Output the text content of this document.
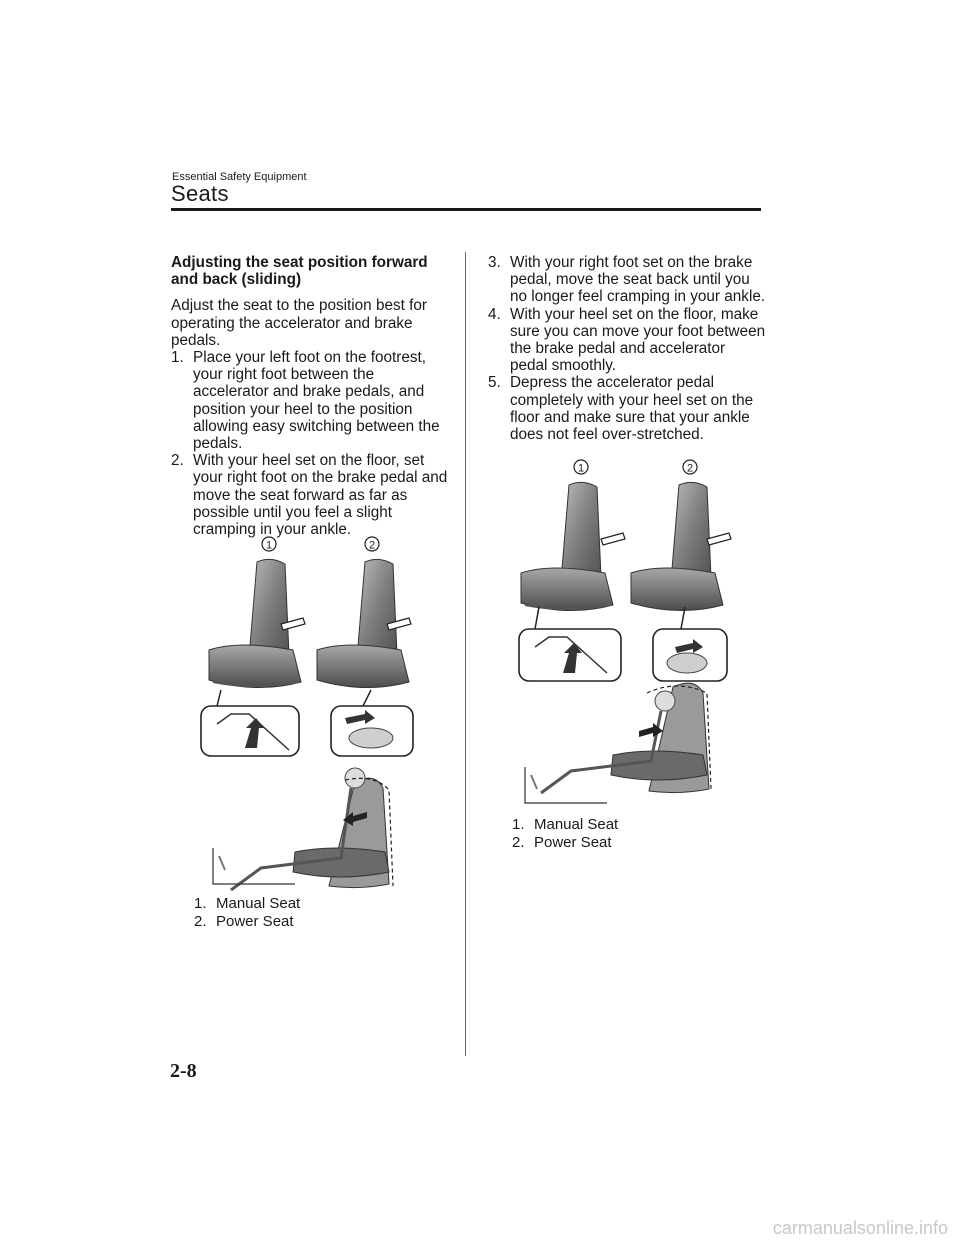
Essential Safety Equipment
Seats

Adjusting the seat position forward and back (sliding)

Adjust the seat to the position best for operating the accelerator and brake pedals.

1. Place your left foot on the footrest, your right foot between the accelerator and brake pedals, and position your heel to the position allowing easy switching between the pedals.
2. With your heel set on the floor, set your right foot on the brake pedal and move the seat forward as far as possible until you feel a slight cramping in your ankle.
1	2
1. Manual Seat
2. Power Seat
3. With your right foot set on the brake pedal, move the seat back until you no longer feel cramping in your ankle.
4. With your heel set on the floor, make sure you can move your foot between the brake pedal and accelerator pedal smoothly.
5. Depress the accelerator pedal completely with your heel set on the floor and make sure that your ankle does not feel over-stretched.
1	2
1. Manual Seat
2. Power Seat
2-8
carmanualsonline.info
